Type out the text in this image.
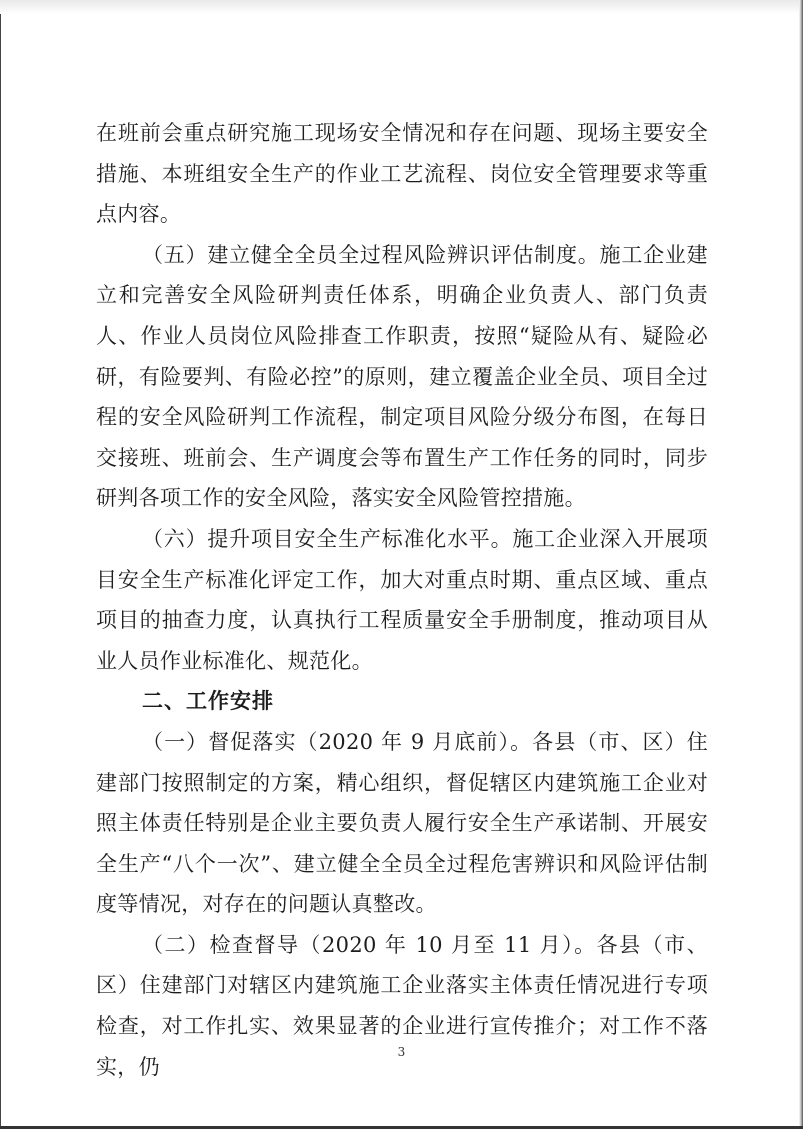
在班前会重点研究施工现场安全情况和存在问题、现场主要安全措施、本班组安全生产的作业工艺流程、岗位安全管理要求等重点内容。

（五）建立健全全员全过程风险辨识评估制度。施工企业建立和完善安全风险研判责任体系，明确企业负责人、部门负责人、作业人员岗位风险排查工作职责，按照“疑险从有、疑险必研，有险要判、有险必控”的原则，建立覆盖企业全员、项目全过程的安全风险研判工作流程，制定项目风险分级分布图，在每日交接班、班前会、生产调度会等布置生产工作任务的同时，同步研判各项工作的安全风险，落实安全风险管控措施。

（六）提升项目安全生产标准化水平。施工企业深入开展项目安全生产标准化评定工作，加大对重点时期、重点区域、重点项目的抽查力度，认真执行工程质量安全手册制度，推动项目从业人员作业标准化、规范化。

二、工作安排

（一）督促落实（2020 年 9 月底前）。各县（市、区）住建部门按照制定的方案，精心组织，督促辖区内建筑施工企业对照主体责任特别是企业主要负责人履行安全生产承诺制、开展安全生产“八个一次”、建立健全全员全过程危害辨识和风险评估制度等情况，对存在的问题认真整改。

（二）检查督导（2020 年 10 月至 11 月）。各县（市、区）住建部门对辖区内建筑施工企业落实主体责任情况进行专项检查，对工作扎实、效果显著的企业进行宣传推介；对工作不落实，仍

3
